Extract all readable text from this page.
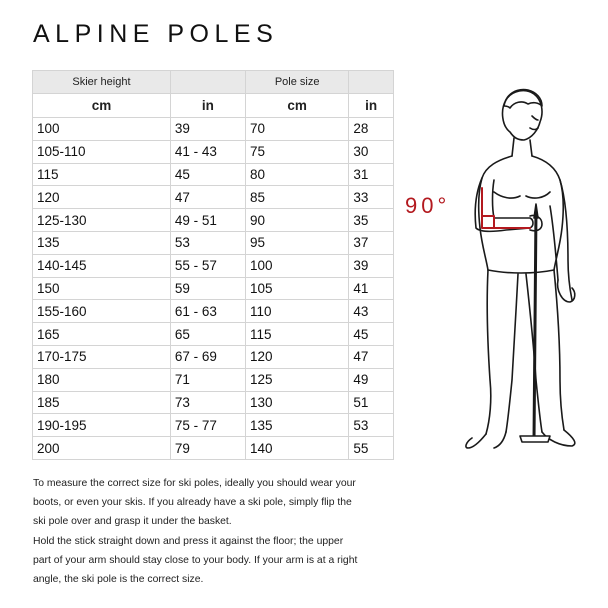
ALPINE POLES
Skier height		Pole size	
cm	in	cm	in
100	39	70	28
105-110	41 - 43	75	30
115	45	80	31
120	47	85	33
125-130	49 - 51	90	35
135	53	95	37
140-145	55 - 57	100	39
150	59	105	41
155-160	61 - 63	110	43
165	65	115	45
170-175	67 - 69	120	47
180	71	125	49
185	73	130	51
190-195	75 - 77	135	53
200	79	140	55
90°

To measure the correct size for ski poles, ideally you should wear your boots, or even your skis. If you already have a ski pole, simply flip the ski pole over and grasp it under the basket.

Hold the stick straight down and press it against the floor; the upper part of your arm should stay close to your body. If your arm is at a right angle, the ski pole is the correct size.
